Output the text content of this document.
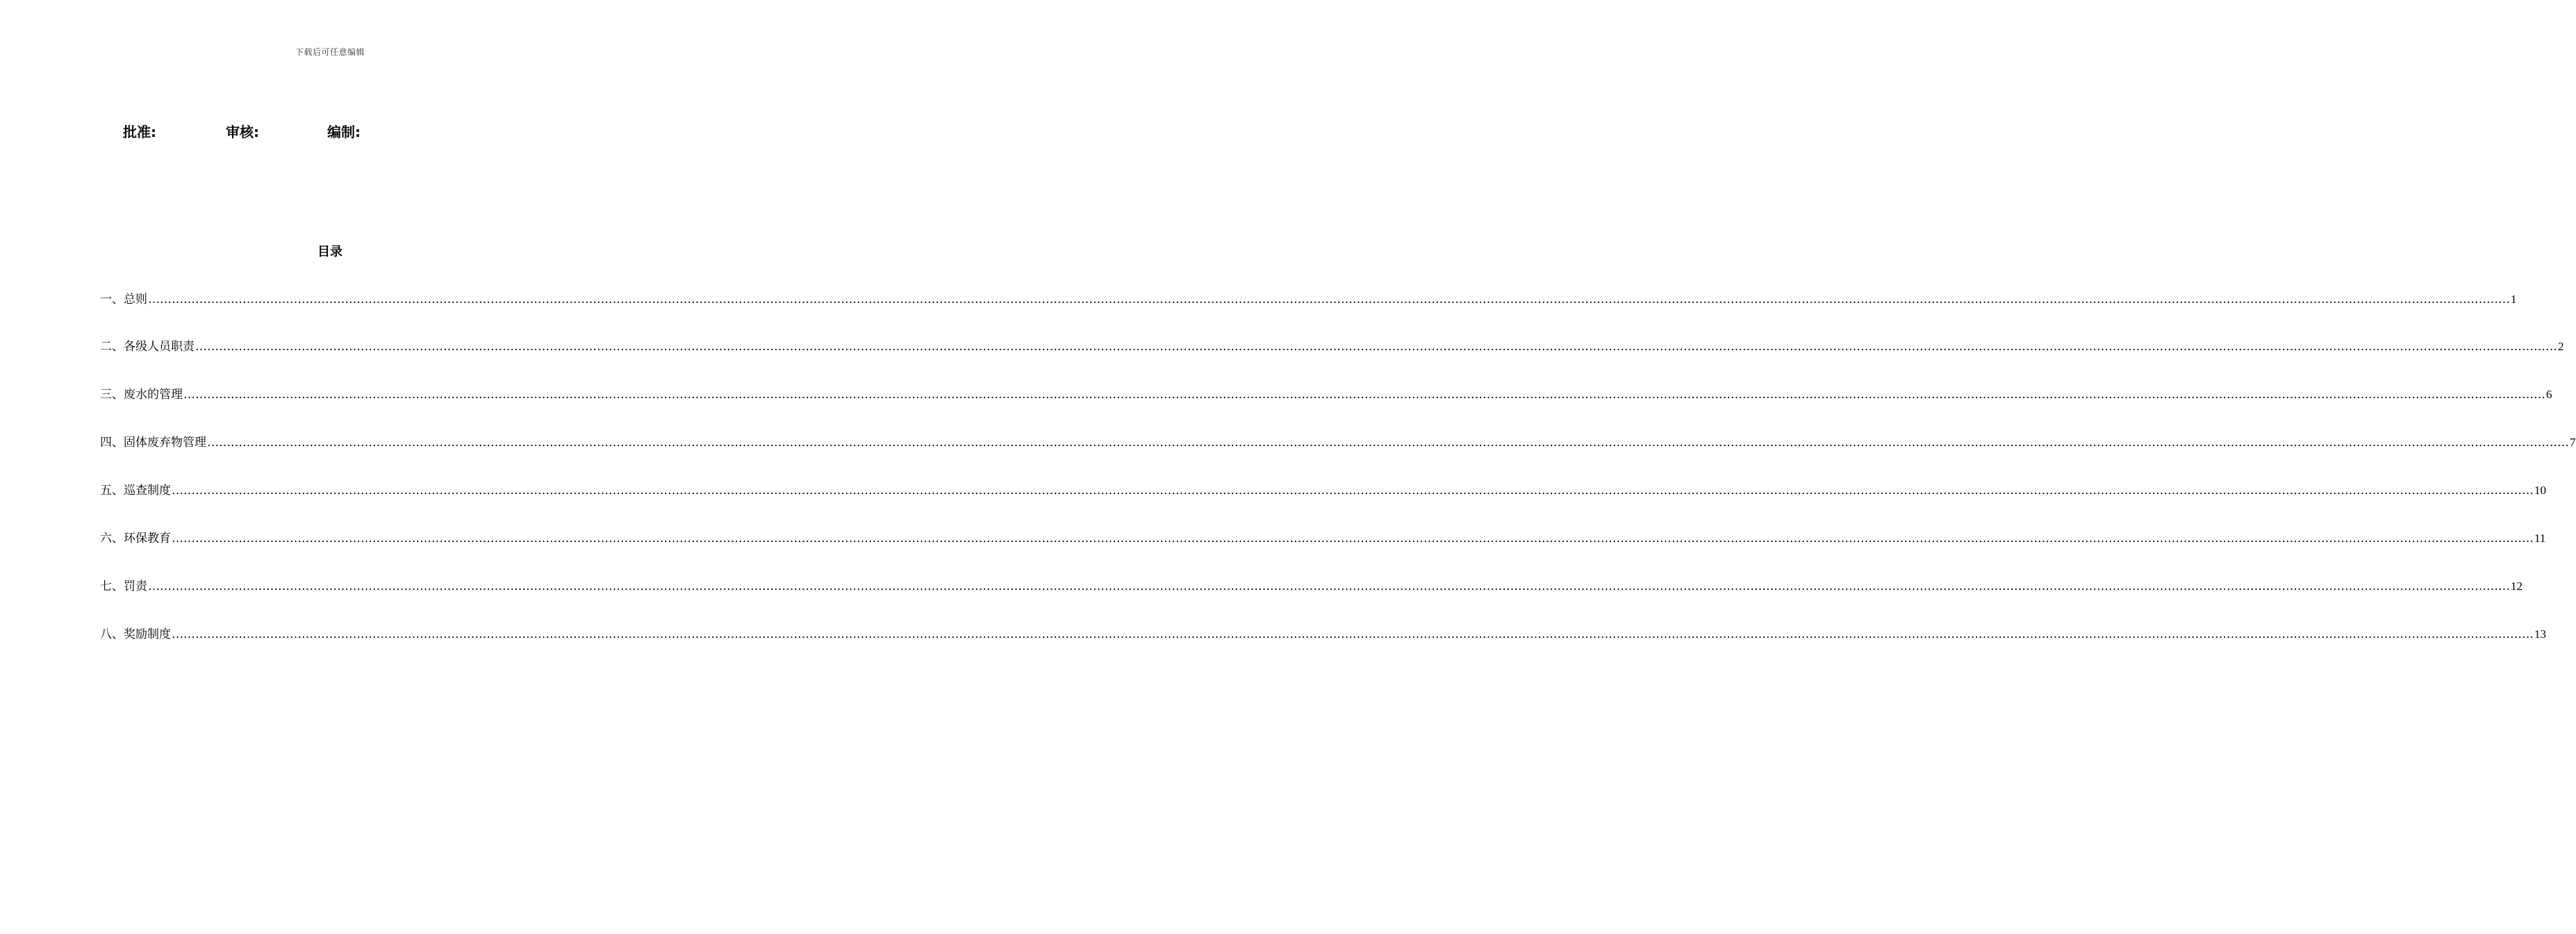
下载后可任意编辑
批准:	审核:	编制:
目录
一、总则 …………………………………………………………………………………………………………………………………………………………………………………………………………………………………………………………………………………………………………………………………………………………………………………………………………………………………………………………………………………………………………………………………………………… 1
二、各级人员职责 …………………………………………………………………………………………………………………………………………………………………………………………………………………………………………………………………………………………………………………………………………………………………………………………………………………………………………………………………………………………………………………………………………………… 2
三、废水的管理 …………………………………………………………………………………………………………………………………………………………………………………………………………………………………………………………………………………………………………………………………………………………………………………………………………………………………………………………………………………………………………………………………………………… 6
四、固体废弃物管理 …………………………………………………………………………………………………………………………………………………………………………………………………………………………………………………………………………………………………………………………………………………………………………………………………………………………………………………………………………………………………………………………………………………… 7
五、巡查制度 …………………………………………………………………………………………………………………………………………………………………………………………………………………………………………………………………………………………………………………………………………………………………………………………………………………………………………………………………………………………………………………………………………………… 10
六、环保教育 …………………………………………………………………………………………………………………………………………………………………………………………………………………………………………………………………………………………………………………………………………………………………………………………………………………………………………………………………………………………………………………………………………………… 11
七、罚责 …………………………………………………………………………………………………………………………………………………………………………………………………………………………………………………………………………………………………………………………………………………………………………………………………………………………………………………………………………………………………………………………………………………… 12
八、奖励制度 …………………………………………………………………………………………………………………………………………………………………………………………………………………………………………………………………………………………………………………………………………………………………………………………………………………………………………………………………………………………………………………………………………………… 13
